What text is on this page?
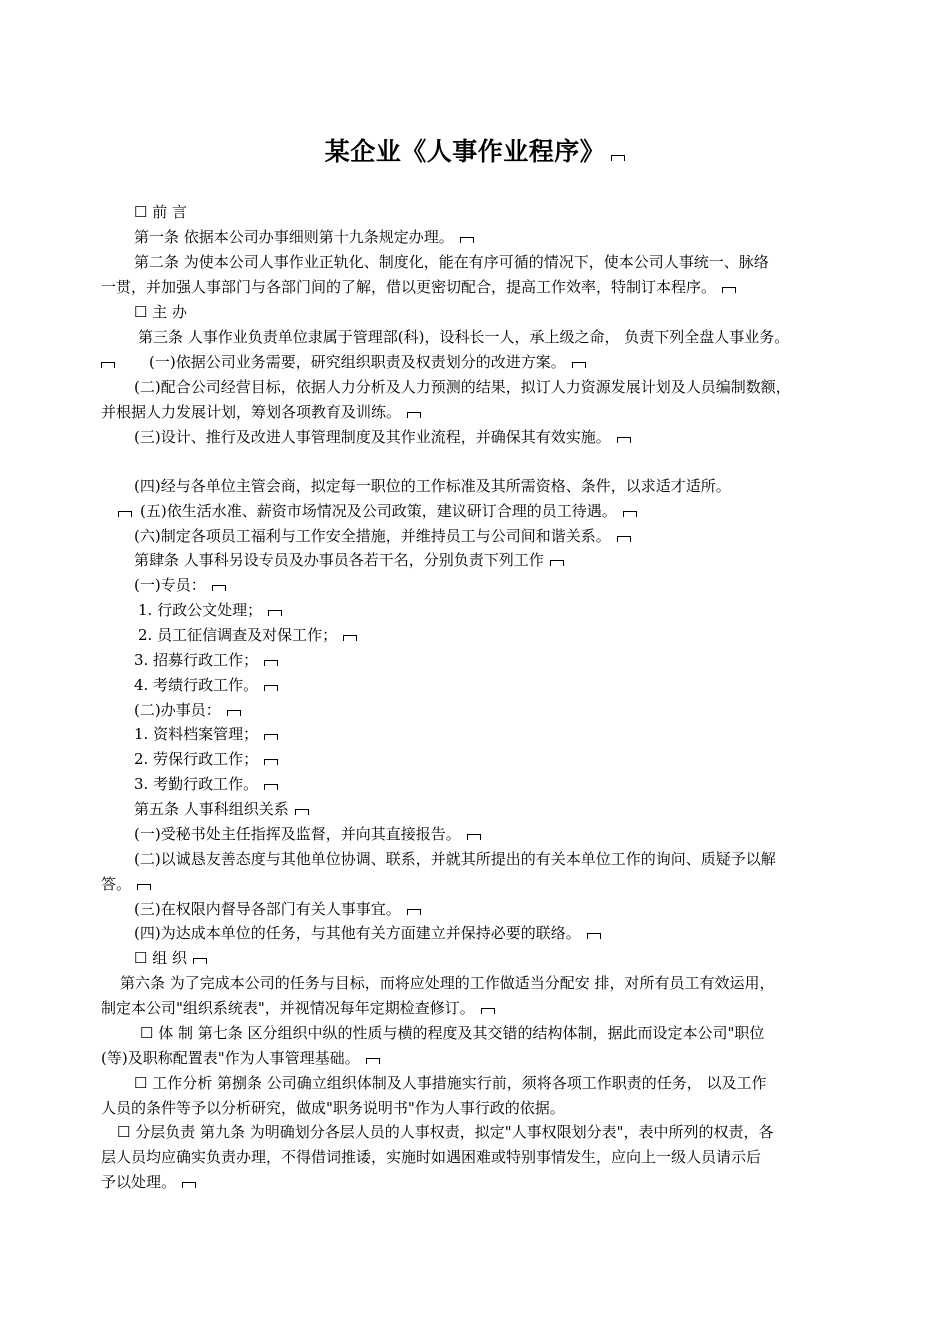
某企业《人事作业程序》
☐ 前 言
第一条 依据本公司办事细则第十九条规定办理。
第二条 为使本公司人事作业正轨化、制度化，能在有序可循的情况下，使本公司人事统一、脉络
一贯，并加强人事部门与各部门间的了解，借以更密切配合，提高工作效率，特制订本程序。
☐ 主 办
第三条 人事作业负责单位隶属于管理部(科)，设科长一人，承上级之命， 负责下列全盘人事业务。
(一)依据公司业务需要，研究组织职责及权责划分的改进方案。
(二)配合公司经营目标，依据人力分析及人力预测的结果，拟订人力资源发展计划及人员编制数额，
并根据人力发展计划，筹划各项教育及训练。
(三)设计、推行及改进人事管理制度及其作业流程，并确保其有效实施。
(四)经与各单位主管会商，拟定每一职位的工作标准及其所需资格、条件，以求适才适所。
(五)依生活水准、薪资市场情况及公司政策，建议研订合理的员工待遇。
(六)制定各项员工福利与工作安全措施，并维持员工与公司间和谐关系。
第肆条 人事科另设专员及办事员各若干名，分别负责下列工作
(一)专员：
1. 行政公文处理；
2. 员工征信调查及对保工作；
3. 招募行政工作；
4. 考绩行政工作。
(二)办事员：
1. 资料档案管理；
2. 劳保行政工作；
3. 考勤行政工作。
第五条 人事科组织关系
(一)受秘书处主任指挥及监督，并向其直接报告。
(二)以诚恳友善态度与其他单位协调、联系，并就其所提出的有关本单位工作的询问、质疑予以解
答。
(三)在权限内督导各部门有关人事事宜。
(四)为达成本单位的任务，与其他有关方面建立并保持必要的联络。
☐ 组 织
第六条 为了完成本公司的任务与目标，而将应处理的工作做适当分配安 排，对所有员工有效运用，
制定本公司"组织系统表"，并视情况每年定期检查修订。
☐ 体 制 第七条 区分组织中纵的性质与横的程度及其交错的结构体制，据此而设定本公司"职位
(等)及职称配置表"作为人事管理基础。
☐ 工作分析 第捌条 公司确立组织体制及人事措施实行前，须将各项工作职责的任务， 以及工作
人员的条件等予以分析研究，做成"职务说明书"作为人事行政的依据。
☐ 分层负责 第九条 为明确划分各层人员的人事权责，拟定"人事权限划分表"，表中所列的权责，各
层人员均应确实负责办理，不得借词推诿，实施时如遇困难或特别事情发生，应向上一级人员请示后
予以处理。
